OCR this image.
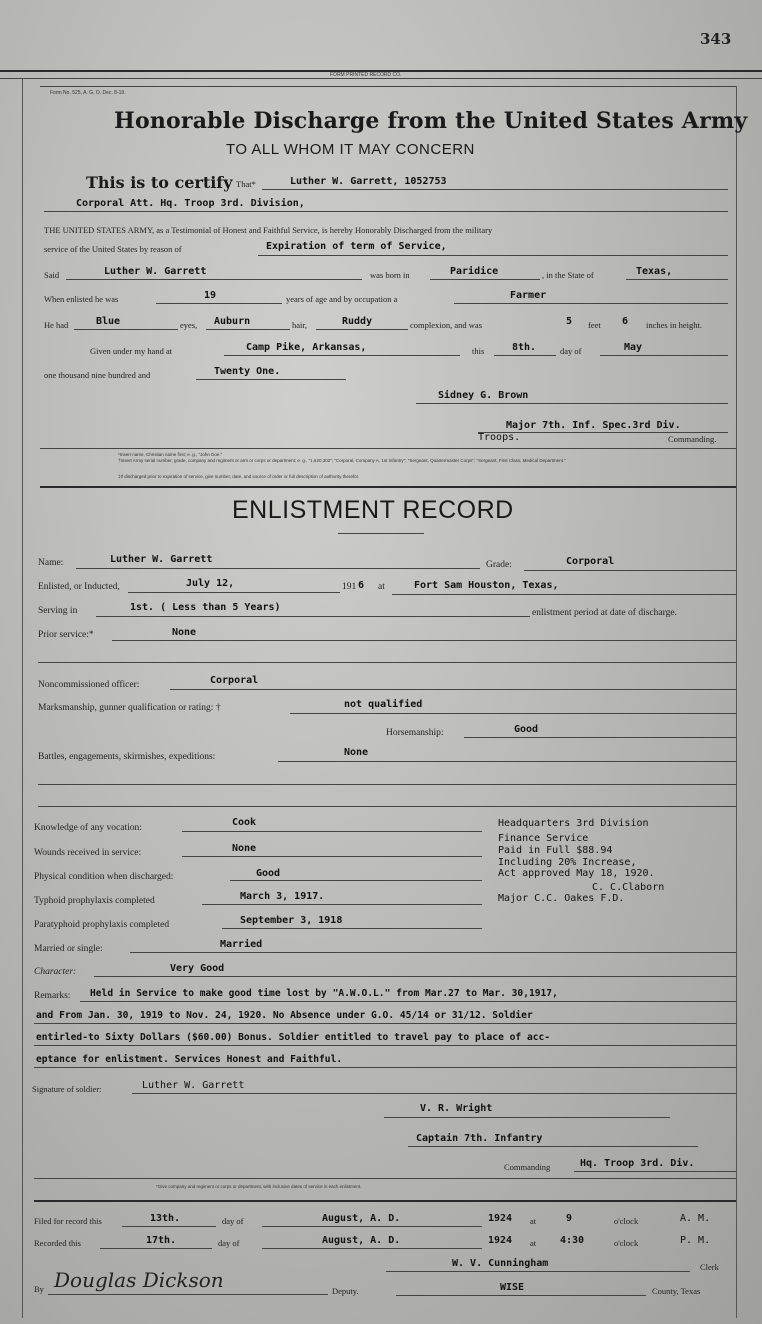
343
FORM PRINTED RECORD CO.
Form No. 525, A. G. O. Dec. 8-19.
Honorable Discharge from the United States Army
TO ALL WHOM IT MAY CONCERN
This is to certify That*	Luther W. Garrett, 1052753
Corporal Att. Hq. Troop 3rd. Division,
THE UNITED STATES ARMY, as a Testimonial of Honest and Faithful Service, is hereby Honorably Discharged from the military
service of the United States by reason of	Expiration of term of Service,
Said	Luther W. Garrett	was born in	Paridice	, in the State of	Texas,
When enlisted he was	19	years of age and by occupation a	Farmer
He had	Blue	eyes, Auburn	hair,	Ruddy	complexion, and was	5 feet 6 inches in height.
Given under my hand at	Camp Pike, Arkansas,	this	8th.	day of	May
one thousand nine hundred and	Twenty One.
Sidney G. Brown
Major 7th. Inf. Spec.3rd Div.
Troops.	Commanding.
*Insert name, Christian name first; e. g., "John Doe."
†Insert Army serial number, grade, company and regiment or arm or corps or department; e. g., "1,620,302"; "Corporal, Company A, 1st Infantry"; "Sergeant, Quartermaster Corps"; "Sergeant, First Class, Medical Department."
‡If discharged prior to expiration of service, give number, date, and source of order or full description of authority therefor.
ENLISTMENT RECORD
Name:	Luther W. Garrett	Grade:	Corporal
Enlisted, or Inducted,	July 12,	191 6 at	Fort Sam Houston, Texas,
Serving in	1st. ( Less than 5 Years)	enlistment period at date of discharge.
Prior service:*	None
Noncommissioned officer:	Corporal
Marksmanship, gunner qualification or rating: †	not qualified
Horsemanship:	Good
Battles, engagements, skirmishes, expeditions:	None
Knowledge of any vocation:	Cook
Wounds received in service:	None
Physical condition when discharged:	Good
Typhoid prophylaxis completed	March 3, 1917.
Paratyphoid prophylaxis completed	September 3, 1918
Married or single:	Married
Character:	Very Good
Headquarters 3rd Division
Finance Service
Paid in Full $88.94
Including 20% Increase,
Act approved May 18, 1920.
C. C.Claborn
Major C.C. Oakes F.D.
Remarks: Held in Service to make good time lost by "A.W.O.L." from Mar.27 to Mar. 30,1917,
and From Jan. 30, 1919 to Nov. 24, 1920. No Absence under G.O. 45/14 or 31/12. Soldier
entirled-to Sixty Dollars ($60.00) Bonus. Soldier entitled to travel pay to place of acc-
eptance for enlistment. Services Honest and Faithful.
Signature of soldier:	Luther W. Garrett
V. R. Wright
Captain 7th. Infantry
Commanding	Hq. Troop 3rd. Div.
*Give company and regiment or corps or department, with inclusive dates of service in each enlistment.
Filed for record this	13th.	day of	August, A. D.	1924 at	9	o'clock	A. M.
Recorded this	17th.	day of	August, A. D.	1924 at 4:30	o'clock	P. M.
W. V. Cunningham	Clerk
By Douglas Dickson	Deputy.	WISE	County, Texas
